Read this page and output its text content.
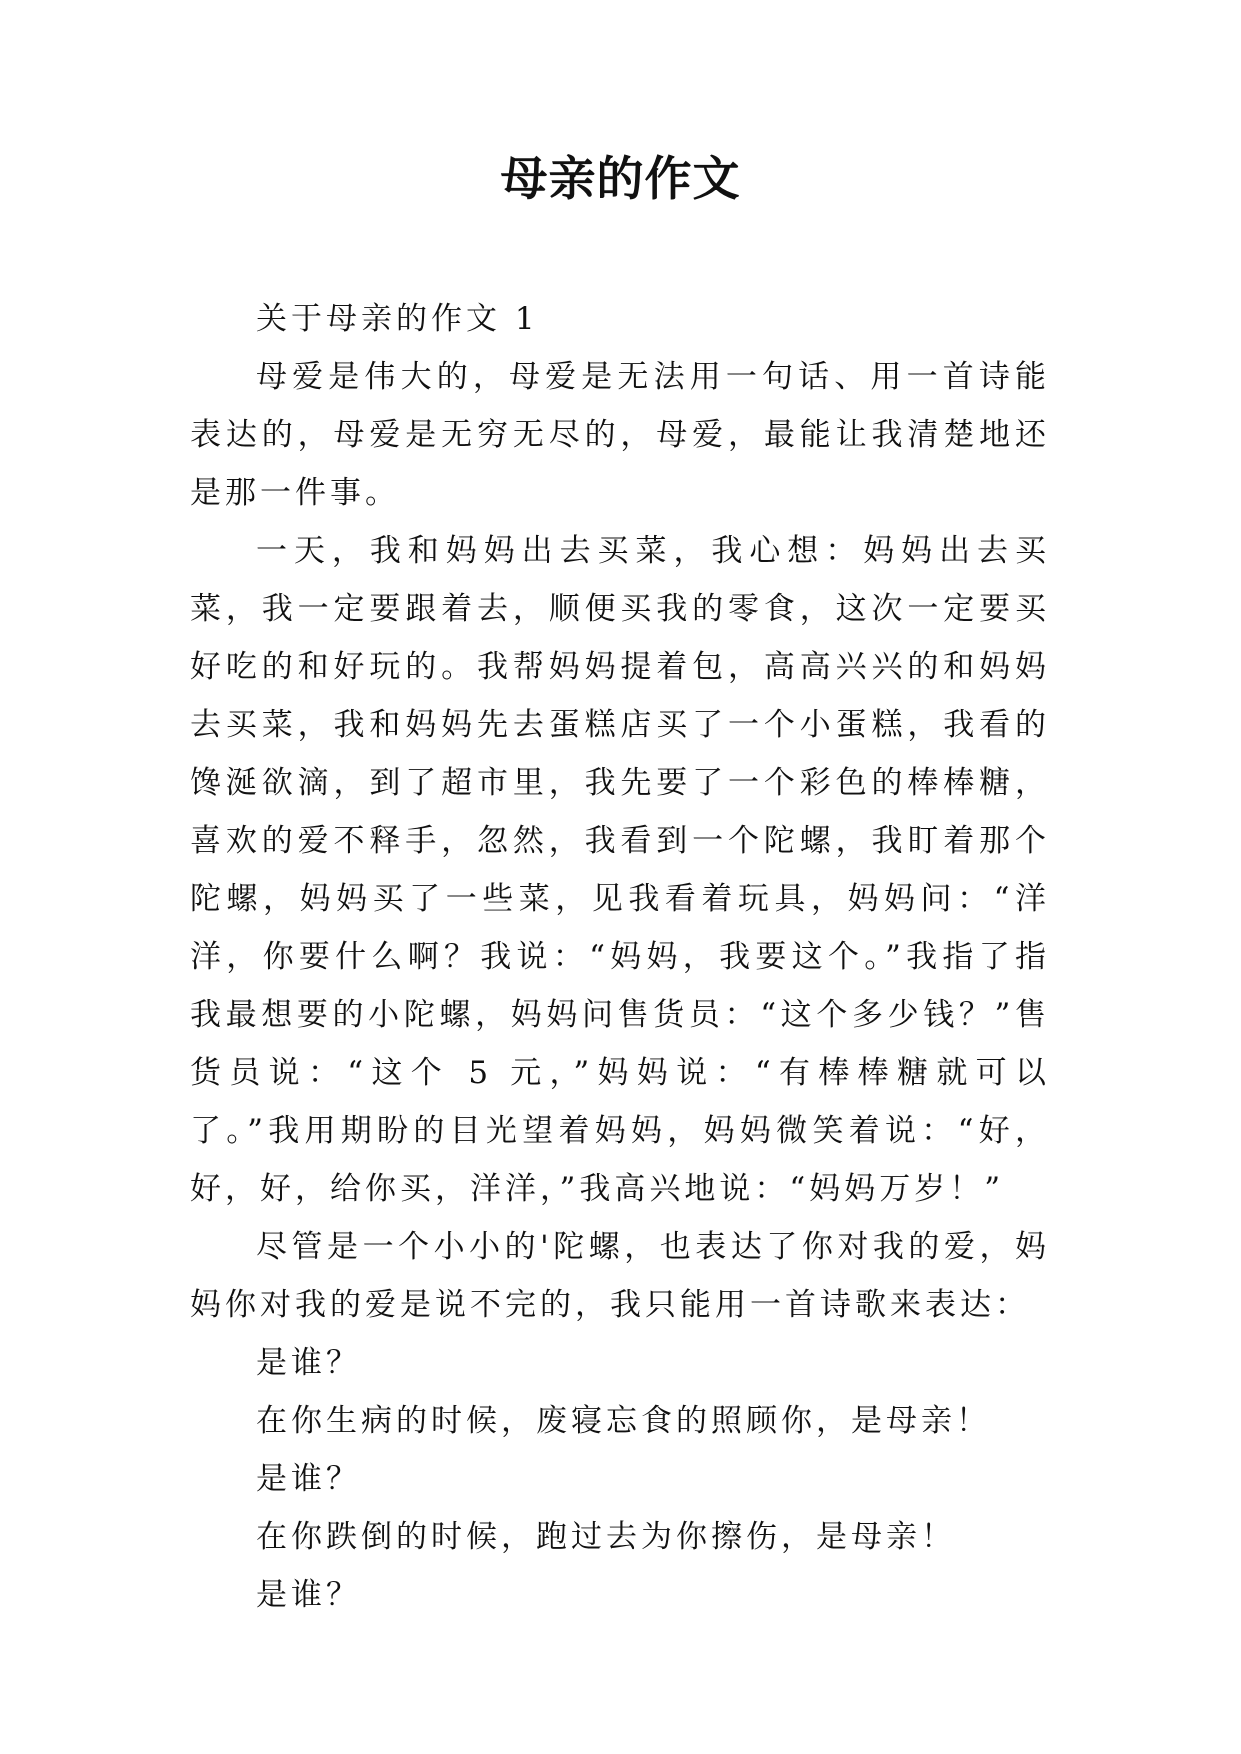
母亲的作文

关于母亲的作文 1

母爱是伟大的，母爱是无法用一句话、用一首诗能表达的，母爱是无穷无尽的，母爱，最能让我清楚地还是那一件事。

一天，我和妈妈出去买菜，我心想：妈妈出去买菜，我一定要跟着去，顺便买我的零食，这次一定要买好吃的和好玩的。我帮妈妈提着包，高高兴兴的和妈妈去买菜，我和妈妈先去蛋糕店买了一个小蛋糕，我看的馋涎欲滴，到了超市里，我先要了一个彩色的棒棒糖，喜欢的爱不释手，忽然，我看到一个陀螺，我盯着那个陀螺，妈妈买了一些菜，见我看着玩具，妈妈问：“洋洋，你要什么啊？我说：“妈妈，我要这个。”我指了指我最想要的小陀螺，妈妈问售货员：“这个多少钱？”售货员说：“这个 5 元，”妈妈说：“有棒棒糖就可以了。”我用期盼的目光望着妈妈，妈妈微笑着说：“好，好，好，给你买，洋洋，”我高兴地说：“妈妈万岁！”

尽管是一个小小的'陀螺，也表达了你对我的爱，妈妈你对我的爱是说不完的，我只能用一首诗歌来表达：

是谁？

在你生病的时候，废寝忘食的照顾你，是母亲！

是谁？

在你跌倒的时候，跑过去为你擦伤，是母亲！

是谁？
